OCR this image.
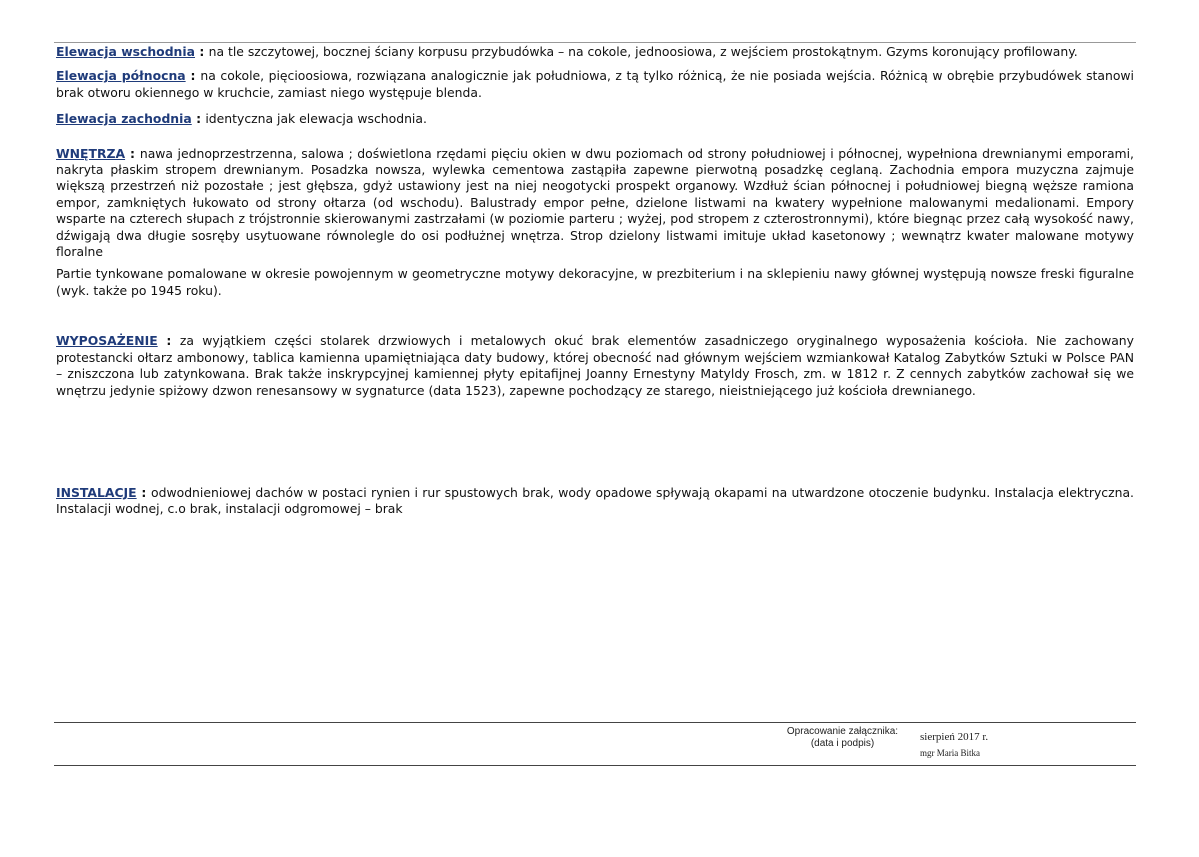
Elewacja wschodnia : na tle szczytowej, bocznej ściany korpusu przybudówka – na cokole, jednoosiowa, z wejściem prostokątnym. Gzyms koronujący profilowany.

Elewacja północna : na cokole, pięcioosiowa, rozwiązana analogicznie jak południowa, z tą tylko różnicą, że nie posiada wejścia. Różnicą w obrębie przybudówek stanowi brak otworu okiennego w kruchcie, zamiast niego występuje blenda.

Elewacja zachodnia : identyczna jak elewacja wschodnia.

WNĘTRZA : nawa jednoprzestrzenna, salowa ; doświetlona rzędami pięciu okien w dwu poziomach od strony południowej i północnej, wypełniona drewnianymi emporami, nakryta płaskim stropem drewnianym. Posadzka nowsza, wylewka cementowa zastąpiła zapewne pierwotną posadzkę ceglaną. Zachodnia empora muzyczna zajmuje większą przestrzeń niż pozostałe ; jest głębsza, gdyż ustawiony jest na niej neogotycki prospekt organowy. Wzdłuż ścian północnej i południowej biegną węższe ramiona empor, zamkniętych łukowato od strony ołtarza (od wschodu). Balustrady empor pełne, dzielone listwami na kwatery wypełnione malowanymi medalionami. Empory wsparte na czterech słupach z trójstronnie skierowanymi zastrzałami (w poziomie parteru ; wyżej, pod stropem z czterostronnymi), które biegnąc przez całą wysokość nawy, dźwigają dwa długie sosręby usytuowane równolegle do osi podłużnej wnętrza. Strop dzielony listwami imituje układ kasetonowy ; wewnątrz kwater malowane motywy floralne

Partie tynkowane pomalowane w okresie powojennym w geometryczne motywy dekoracyjne, w prezbiterium i na sklepieniu nawy głównej występują nowsze freski figuralne (wyk. także po 1945 roku).

WYPOSAŻENIE : za wyjątkiem części stolarek drzwiowych i metalowych okuć brak elementów zasadniczego oryginalnego wyposażenia kościoła. Nie zachowany protestancki ołtarz ambonowy, tablica kamienna upamiętniająca daty budowy, której obecność nad głównym wejściem wzmiankował Katalog Zabytków Sztuki w Polsce PAN – zniszczona lub zatynkowana. Brak także inskrypcyjnej kamiennej płyty epitafijnej Joanny Ernestyny Matyldy Frosch, zm. w 1812 r. Z cennych zabytków zachował się we wnętrzu jedynie spiżowy dzwon renesansowy w sygnaturce (data 1523), zapewne pochodzący ze starego, nieistniejącego już kościoła drewnianego.

INSTALACJE : odwodnieniowej dachów w postaci rynien i rur spustowych brak, wody opadowe spływają okapami na utwardzone otoczenie budynku. Instalacja elektryczna. Instalacji wodnej, c.o brak, instalacji odgromowej – brak

Opracowanie załącznika:
(data i podpis)
sierpień 2017 r.
mgr Maria Bitka
